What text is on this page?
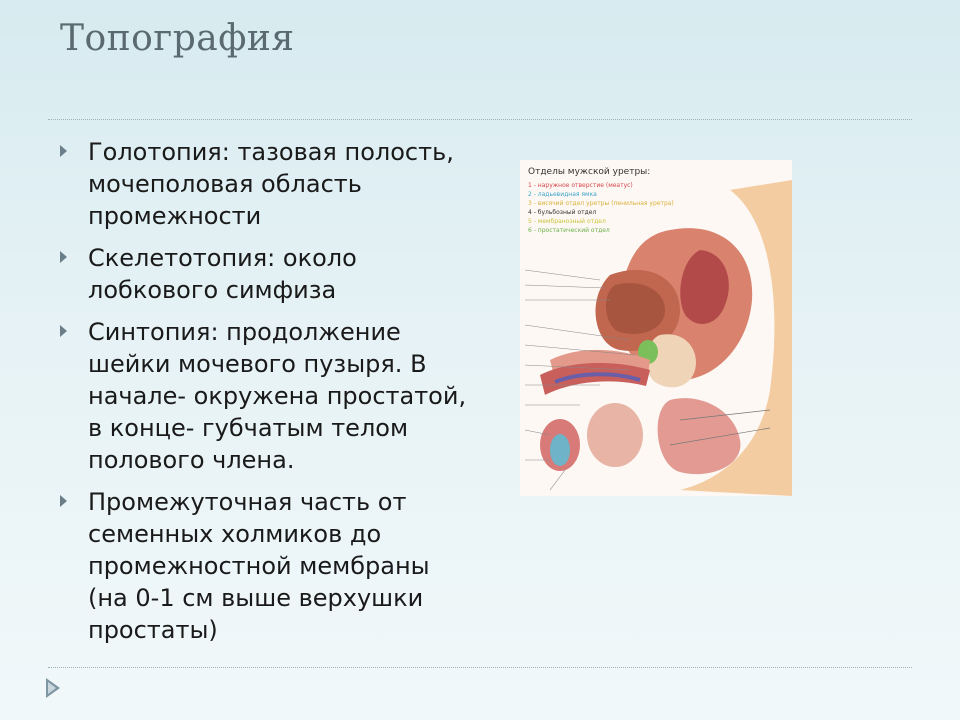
Топография
Голотопия: тазовая полость, мочеполовая область промежности
Скелетотопия: около лобкового симфиза
Синтопия: продолжение шейки мочевого пузыря. В начале- окружена простатой, в конце- губчатым телом полового члена.
Промежуточная часть от семенных холмиков до промежностной мембраны (на 0-1 см выше верхушки простаты)
Отделы мужской уретры:
1 - наружное отверстие (меатус)
2 - ладьевидная ямка
3 - висячий отдел уретры (пенильная уретра)
4 - бульбозный отдел
5 - мембранозный отдел
6 - простатический отдел
